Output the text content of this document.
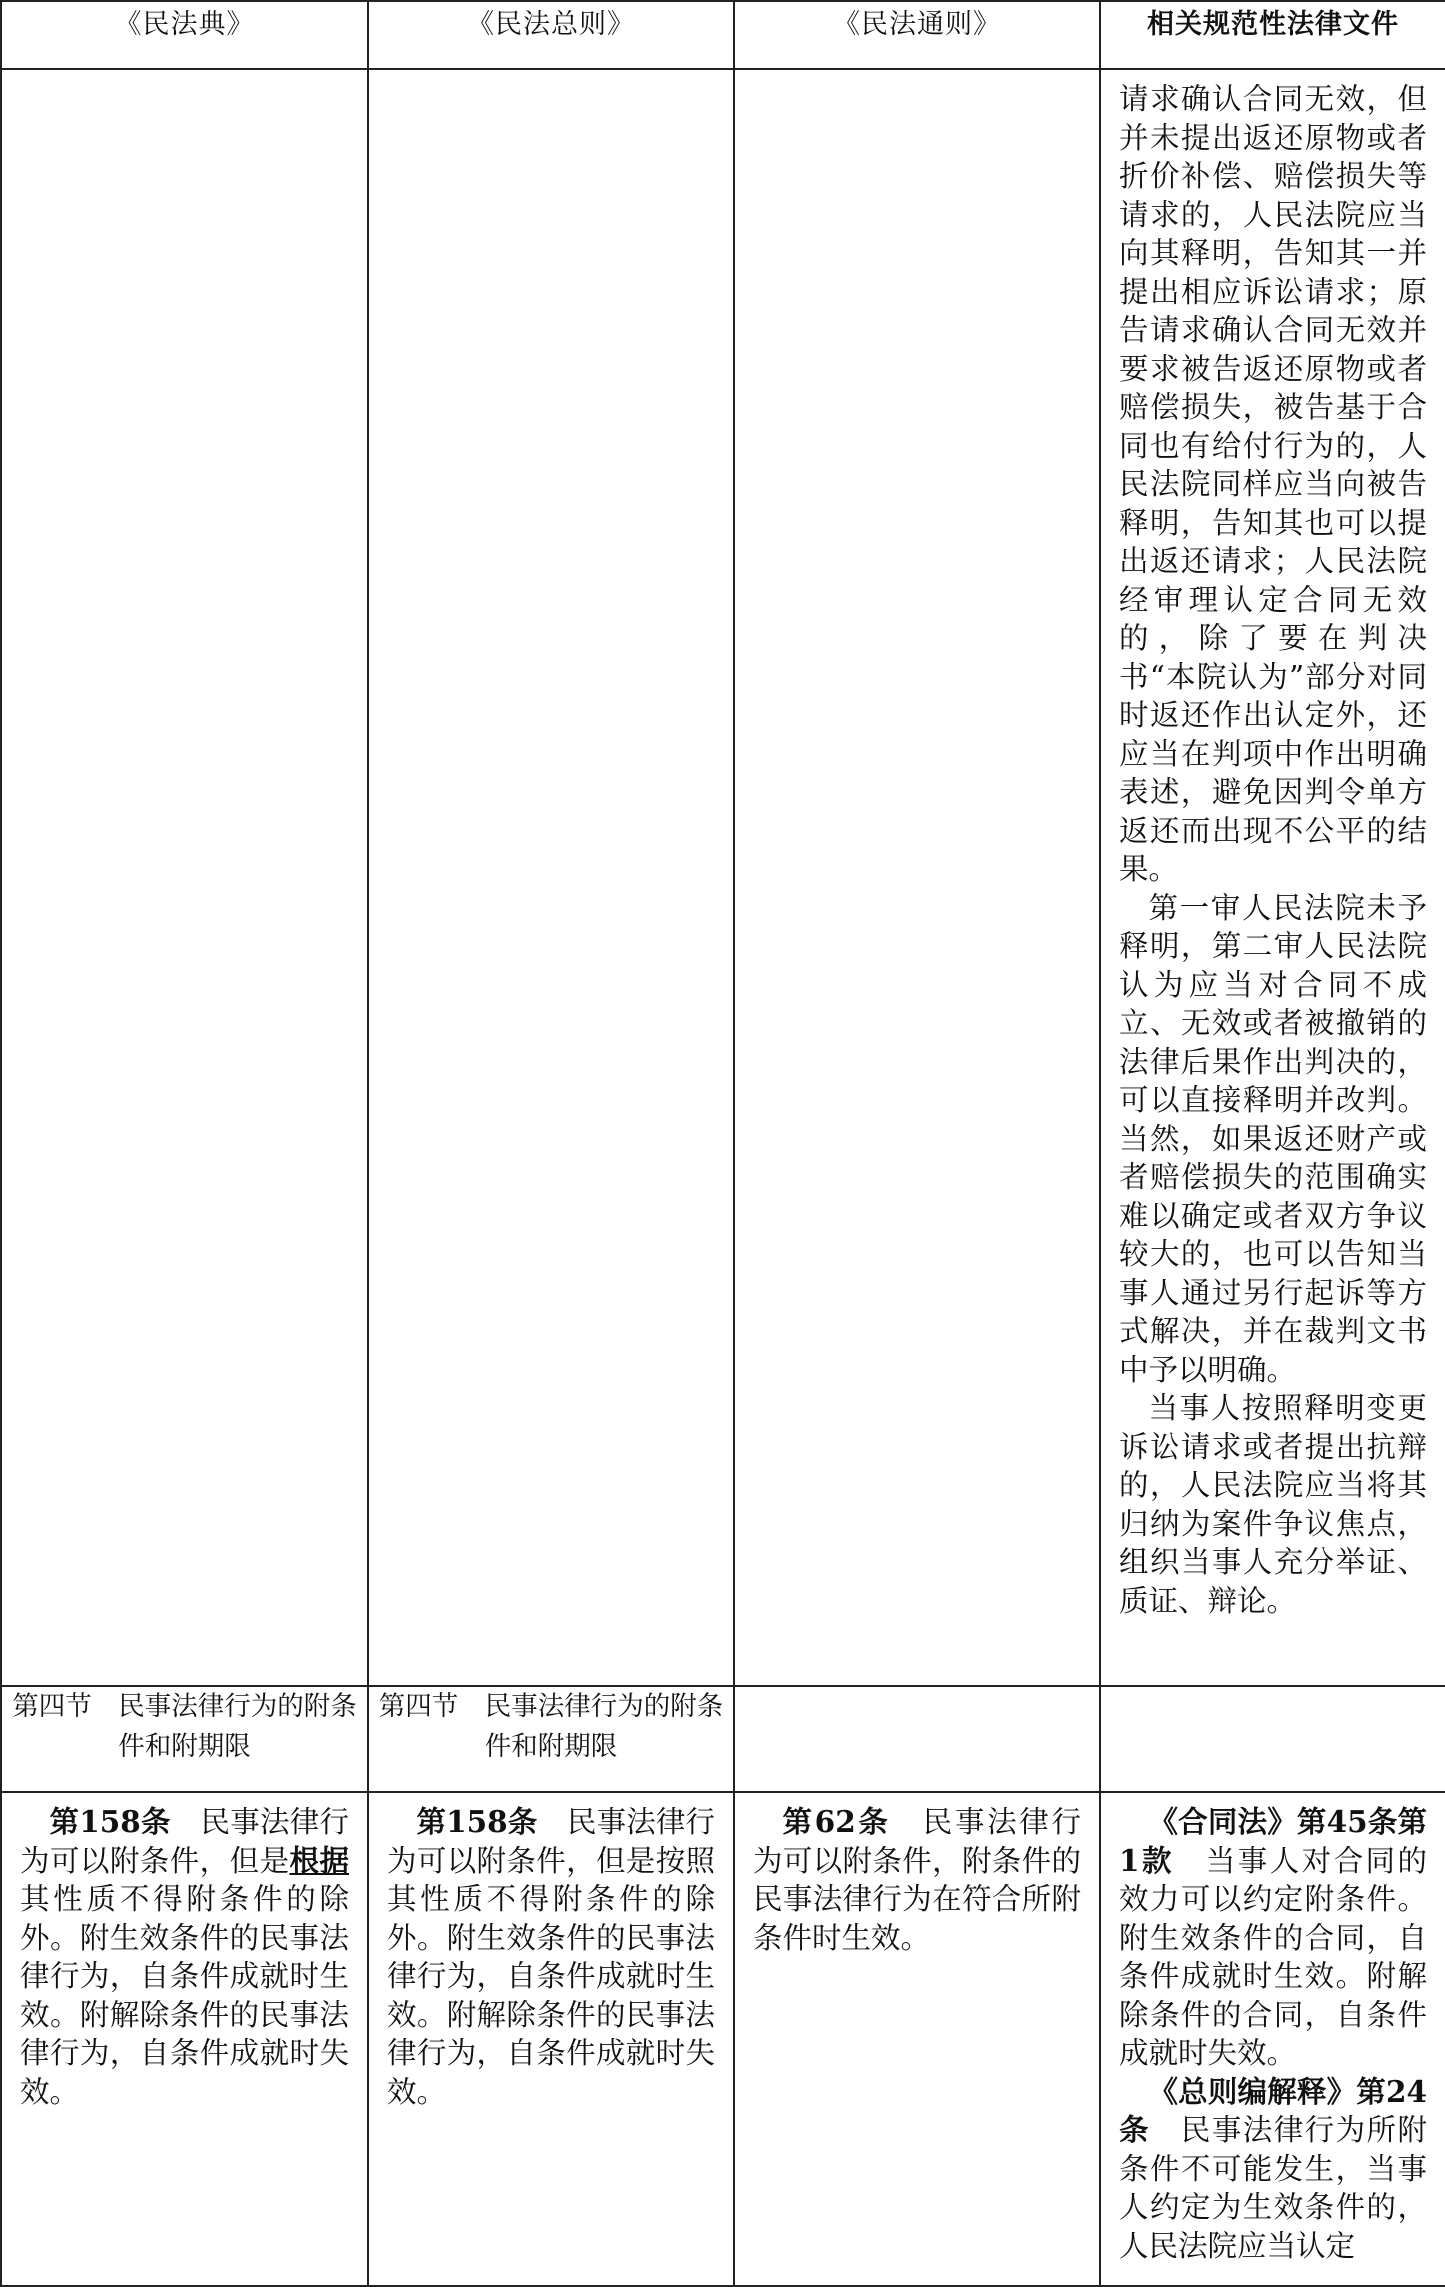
《民法典》	《民法总则》	《民法通则》	相关规范性法律文件

			请求确认合同无效，但并未提出返还原物或者折价补偿、赔偿损失等请求的，人民法院应当向其释明，告知其一并提出相应诉讼请求；原告请求确认合同无效并要求被告返还原物或者赔偿损失，被告基于合同也有给付行为的，人民法院同样应当向被告释明，告知其也可以提出返还请求；人民法院经审理认定合同无效的，除了要在判决书“本院认为”部分对同时返还作出认定外，还应当在判项中作出明确表述，避免因判令单方返还而出现不公平的结果。

第一审人民法院未予释明，第二审人民法院认为应当对合同不成立、无效或者被撤销的法律后果作出判决的，可以直接释明并改判。当然，如果返还财产或者赔偿损失的范围确实难以确定或者双方争议较大的，也可以告知当事人通过另行起诉等方式解决，并在裁判文书中予以明确。

当事人按照释明变更诉讼请求或者提出抗辩的，人民法院应当将其归纳为案件争议焦点，组织当事人充分举证、质证、辩论。

第四节　民事法律行为的附条件和附期限	第四节　民事法律行为的附条件和附期限		

第158条 民事法律行为可以附条件，但是根据其性质不得附条件的除外。附生效条件的民事法律行为，自条件成就时生效。附解除条件的民事法律行为，自条件成就时失效。	第158条 民事法律行为可以附条件，但是按照其性质不得附条件的除外。附生效条件的民事法律行为，自条件成就时生效。附解除条件的民事法律行为，自条件成就时失效。	第62条 民事法律行为可以附条件，附条件的民事法律行为在符合所附条件时生效。	《合同法》第45条第1款 当事人对合同的效力可以约定附条件。附生效条件的合同，自条件成就时生效。附解除条件的合同，自条件成就时失效。

《总则编解释》第24条 民事法律行为所附条件不可能发生，当事人约定为生效条件的，人民法院应当认定
